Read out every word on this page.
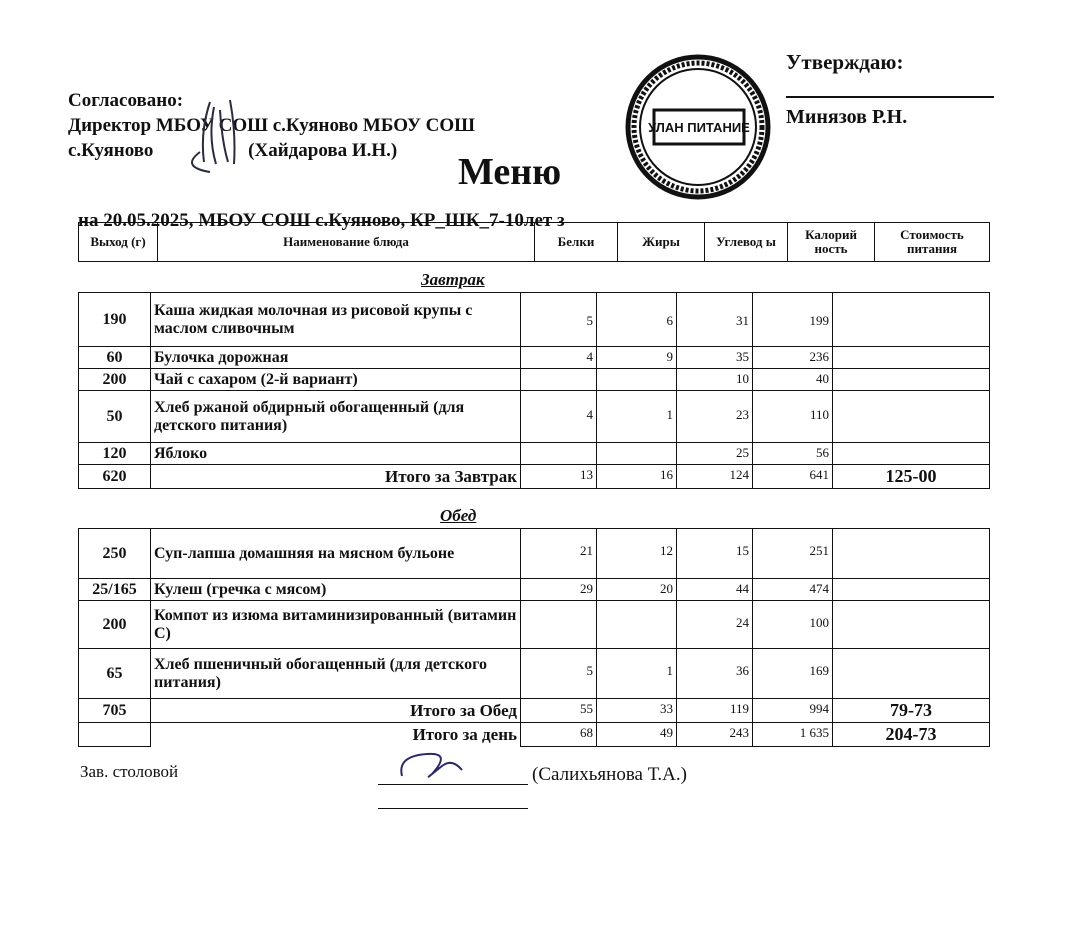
Согласовано:
Директор МБОУ СОШ с.Куяново МБОУ СОШ
с.Куяново	(Хайдарова И.Н.)
УЛАН ПИТАНИЕ
Утверждаю:
Минязов Р.Н.
Меню
на 20.05.2025, МБОУ СОШ с.Куяново, КР_ШК_7-10лет з
Выход (г)	Наименование блюда	Белки	Жиры	Углевод ы	Калорий ность	Стоимость питания
Завтрак
190	Каша жидкая молочная из рисовой крупы с маслом сливочным	5	6	31	199	
60	Булочка дорожная	4	9	35	236	
200	Чай с сахаром (2-й вариант)			10	40	
50	Хлеб ржаной обдирный обогащенный (для детского питания)	4	1	23	110	
120	Яблоко			25	56	
620	Итого за Завтрак	13	16	124	641	125-00
Обед
250	Суп-лапша домашняя на мясном бульоне	21	12	15	251	
25/165	Кулеш (гречка с мясом)	29	20	44	474	
200	Компот из изюма витаминизированный (витамин С)			24	100	
65	Хлеб пшеничный обогащенный (для детского питания)	5	1	36	169	
705	Итого за Обед	55	33	119	994	79-73
	Итого за день	68	49	243	1 635	204-73
Зав. столовой	(Салихьянова Т.А.)
